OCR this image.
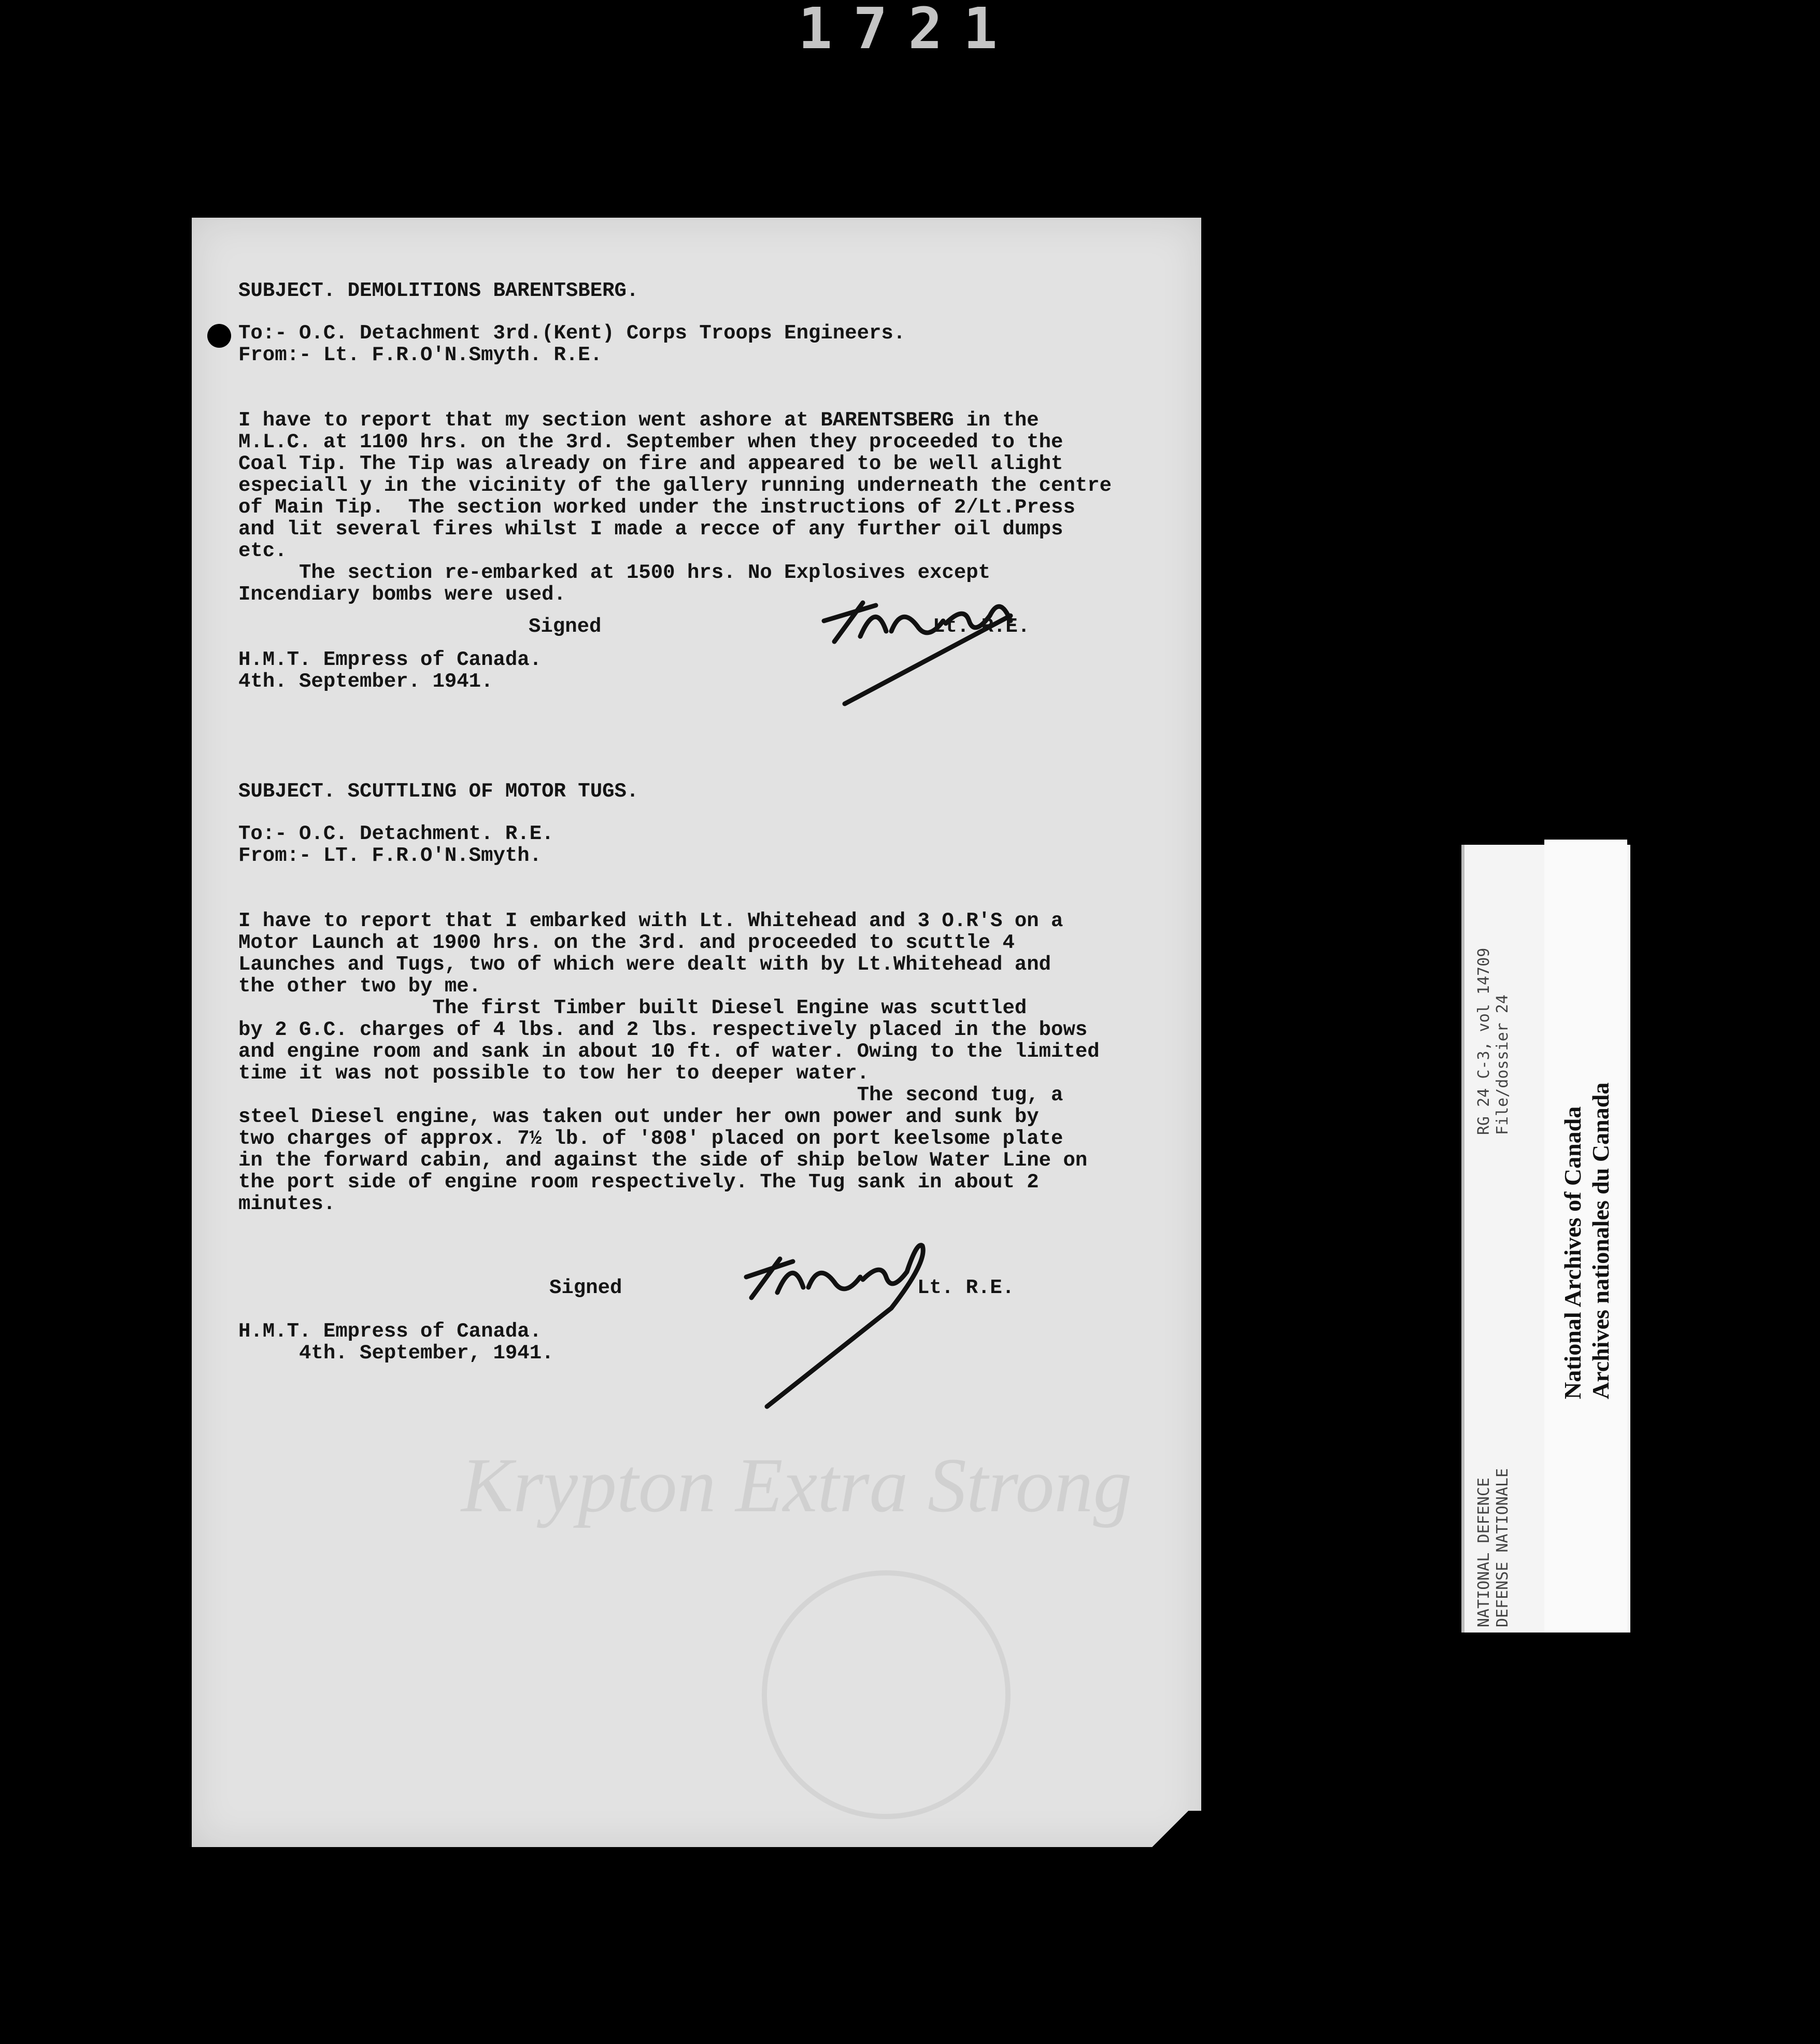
1721
Krypton Extra Strong

SUBJECT. DEMOLITIONS BARENTSBERG.

To:- O.C. Detachment 3rd.(Kent) Corps Troops Engineers.

From:- Lt. F.R.O'N.Smyth. R.E.

I have to report that my section went ashore at BARENTSBERG in the

M.L.C. at 1100 hrs. on the 3rd. September when they proceeded to the

Coal Tip. The Tip was already on fire and appeared to be well alight

especiall y in the vicinity of the gallery running underneath the centre

of Main Tip.  The section worked under the instructions of 2/Lt.Press

and lit several fires whilst I made a recce of any further oil dumps

etc.

The section re-embarked at 1500 hrs. No Explosives except

Incendiary bombs were used.

Signed	Lt. R.E.

H.M.T. Empress of Canada.

4th. September. 1941.

SUBJECT. SCUTTLING OF MOTOR TUGS.

To:- O.C. Detachment. R.E.

From:- LT. F.R.O'N.Smyth.

I have to report that I embarked with Lt. Whitehead and 3 O.R'S on a

Motor Launch at 1900 hrs. on the 3rd. and proceeded to scuttle 4

Launches and Tugs, two of which were dealt with by Lt.Whitehead and

the other two by me.

The first Timber built Diesel Engine was scuttled

by 2 G.C. charges of 4 lbs. and 2 lbs. respectively placed in the bows

and engine room and sank in about 10 ft. of water. Owing to the limited

time it was not possible to tow her to deeper water.

The second tug, a

steel Diesel engine, was taken out under her own power and sunk by

two charges of approx. 7½ lb. of '808' placed on port keelsome plate

in the forward cabin, and against the side of ship below Water Line on

the port side of engine room respectively. The Tug sank in about 2

minutes.

Signed	Lt. R.E.

H.M.T. Empress of Canada.

4th. September, 1941.

NATIONAL DEFENCE DEFENSE NATIONALE
RG 24 C-3, vol 14709 File/dossier 24
National Archives of Canada Archives nationales du Canada
